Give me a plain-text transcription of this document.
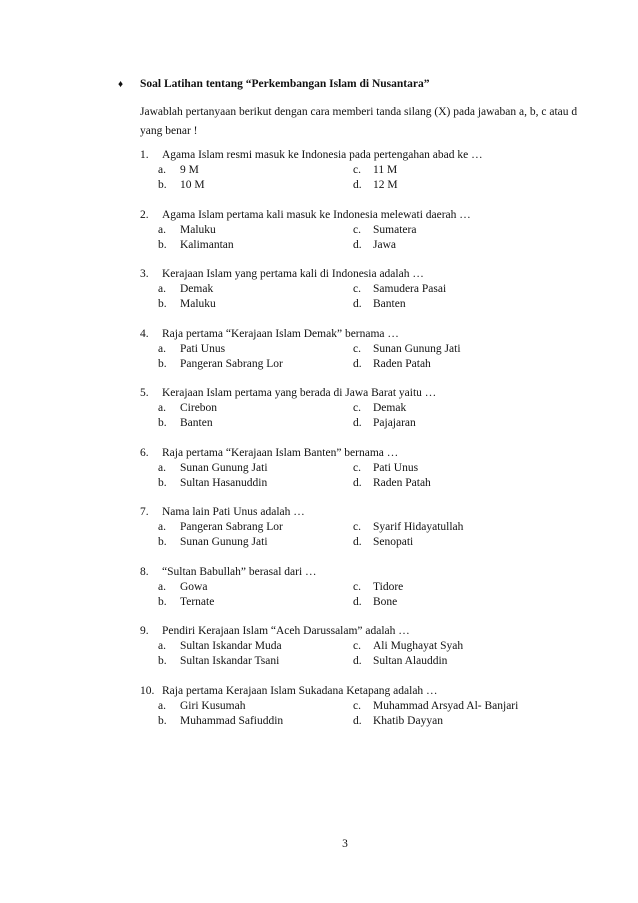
♦	Soal Latihan tentang “Perkembangan Islam di Nusantara”
Jawablah pertanyaan berikut dengan cara memberi tanda silang (X) pada jawaban a, b, c atau d yang benar !
1.	Agama Islam resmi masuk ke Indonesia pada pertengahan abad ke …
a.	9 M	c.	11 M
b.	10 M	d. 12 M
2.	Agama Islam pertama kali masuk ke Indonesia melewati daerah …
a.	Maluku	c.	Sumatera
b.	Kalimantan	d. Jawa
3.	Kerajaan Islam yang pertama kali di Indonesia adalah …
a.	Demak	c.	Samudera Pasai
b.	Maluku	d. Banten
4.	Raja pertama “Kerajaan Islam Demak” bernama …
a.	Pati Unus	c.	Sunan Gunung Jati
b.	Pangeran Sabrang Lor	d. Raden Patah
5.	Kerajaan Islam pertama yang berada di Jawa Barat yaitu …
a.	Cirebon	c.	Demak
b.	Banten	d. Pajajaran
6.	Raja pertama “Kerajaan Islam Banten” bernama …
a.	Sunan Gunung Jati	c.	Pati Unus
b.	Sultan Hasanuddin	d. Raden Patah
7.	Nama lain Pati Unus adalah …
a.	Pangeran Sabrang Lor	c.	Syarif Hidayatullah
b.	Sunan Gunung Jati	d. Senopati
8.	“Sultan Babullah” berasal dari …
a.	Gowa	c.	Tidore
b.	Ternate	d. Bone
9.	Pendiri Kerajaan Islam “Aceh Darussalam” adalah …
a.	Sultan Iskandar Muda	c.	Ali Mughayat Syah
b.	Sultan Iskandar Tsani	d. Sultan Alauddin
10. Raja pertama Kerajaan Islam Sukadana Ketapang adalah …
a.	Giri Kusumah	c.	Muhammad Arsyad Al- Banjari
b.	Muhammad Safiuddin	d. Khatib Dayyan
3
